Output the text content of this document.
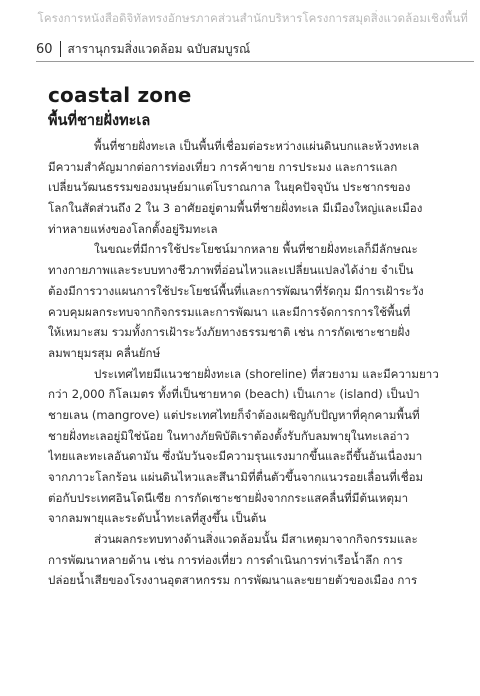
โครงการหนังสือดิจิทัลทรงอักษรภาคส่วนสำนักบริหารโครงการสมุดสิ่งแวดล้อมเชิงพื้นที่
60 สารานุกรมสิ่งแวดล้อม ฉบับสมบูรณ์
coastal zone
พื้นที่ชายฝั่งทะเล
พื้นที่ชายฝั่งทะเล เป็นพื้นที่เชื่อมต่อระหว่างแผ่นดินบกและห้วงทะเล
มีความสำคัญมากต่อการท่องเที่ยว การค้าขาย การประมง และการแลก
เปลี่ยนวัฒนธรรมของมนุษย์มาแต่โบราณกาล ในยุคปัจจุบัน ประชากรของ
โลกในสัดส่วนถึง 2 ใน 3 อาศัยอยู่ตามพื้นที่ชายฝั่งทะเล มีเมืองใหญ่และเมือง
ท่าหลายแห่งของโลกตั้งอยู่ริมทะเล
ในขณะที่มีการใช้ประโยชน์มากหลาย พื้นที่ชายฝั่งทะเลก็มีลักษณะ
ทางกายภาพและระบบทางชีวภาพที่อ่อนไหวและเปลี่ยนแปลงได้ง่าย จำเป็น
ต้องมีการวางแผนการใช้ประโยชน์พื้นที่และการพัฒนาที่รัดกุม มีการเฝ้าระวัง
ควบคุมผลกระทบจากกิจกรรมและการพัฒนา และมีการจัดการการใช้พื้นที่
ให้เหมาะสม รวมทั้งการเฝ้าระวังภัยทางธรรมชาติ เช่น การกัดเซาะชายฝั่ง
ลมพายุมรสุม คลื่นยักษ์
ประเทศไทยมีแนวชายฝั่งทะเล (shoreline) ที่สวยงาม และมีความยาว
กว่า 2,000 กิโลเมตร ทั้งที่เป็นชายหาด (beach) เป็นเกาะ (island) เป็นป่า
ชายเลน (mangrove) แต่ประเทศไทยก็จำต้องเผชิญกับปัญหาที่คุกคามพื้นที่
ชายฝั่งทะเลอยู่มิใช่น้อย ในทางภัยพิบัติเราต้องตั้งรับกับลมพายุในทะเลอ่าว
ไทยและทะเลอันดามัน ซึ่งนับวันจะมีความรุนแรงมากขึ้นและถี่ขึ้นอันเนื่องมา
จากภาวะโลกร้อน แผ่นดินไหวและสึนามิที่ตื่นตัวขึ้นจากแนวรอยเลื่อนที่เชื่อม
ต่อกับประเทศอินโดนีเซีย การกัดเซาะชายฝั่งจากกระแสคลื่นที่มีต้นเหตุมา
จากลมพายุและระดับน้ำทะเลที่สูงขึ้น เป็นต้น
ส่วนผลกระทบทางด้านสิ่งแวดล้อมนั้น มีสาเหตุมาจากกิจกรรมและ
การพัฒนาหลายด้าน เช่น การท่องเที่ยว การดำเนินการท่าเรือน้ำลึก การ
ปล่อยน้ำเสียของโรงงานอุตสาหกรรม การพัฒนาและขยายตัวของเมือง การ
